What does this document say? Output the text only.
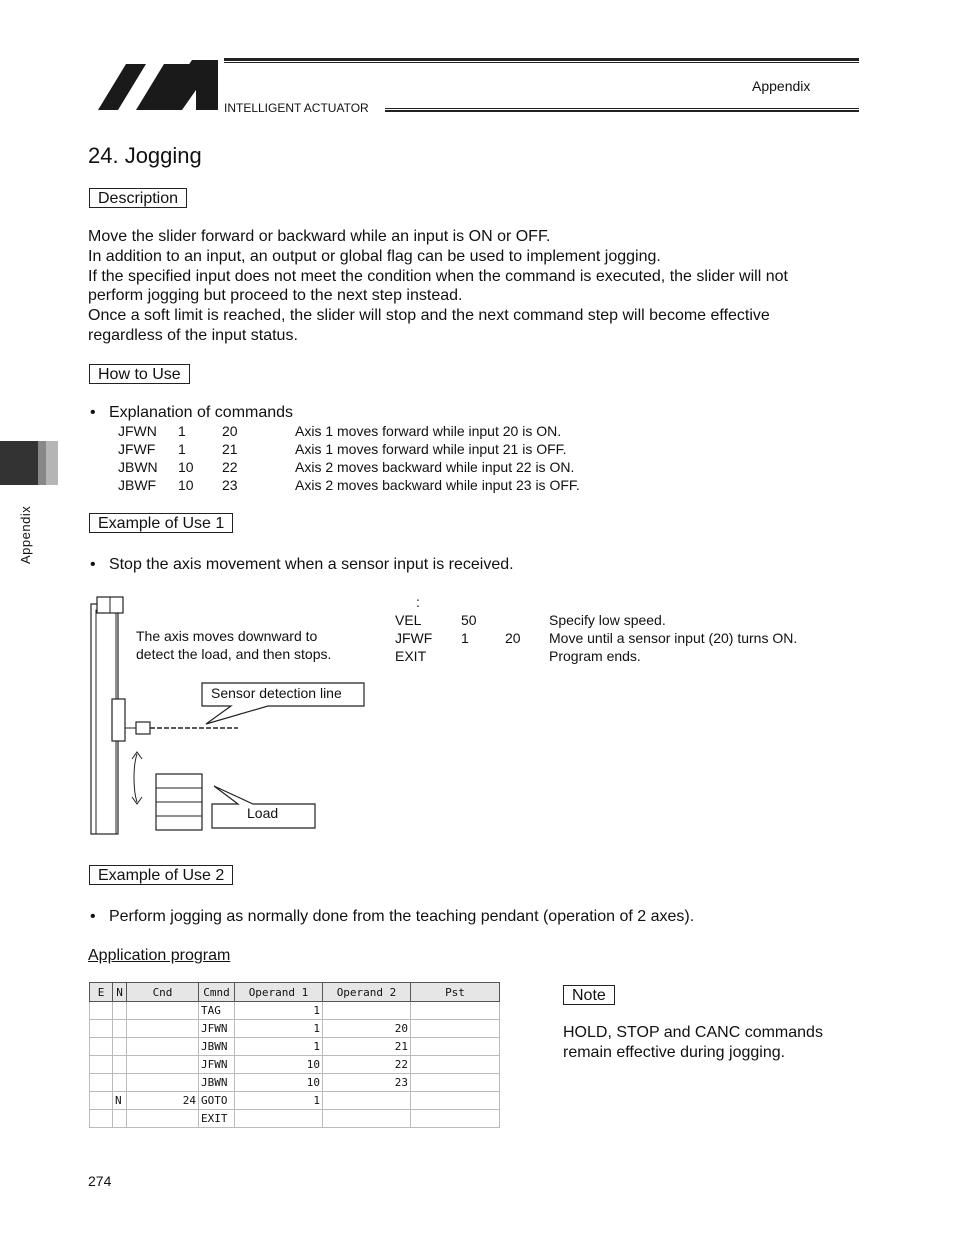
Appendix
INTELLIGENT ACTUATOR
Appendix
24. Jogging
Description
Move the slider forward or backward while an input is ON or OFF.
In addition to an input, an output or global flag can be used to implement jogging.
If the specified input does not meet the condition when the command is executed, the slider will not
perform jogging but proceed to the next step instead.
Once a soft limit is reached, the slider will stop and the next command step will become effective
regardless of the input status.
How to Use
•   Explanation of commands
JFWN 1	20	Axis 1 moves forward while input 20 is ON.
JFWF 1	21	Axis 1 moves forward while input 21 is OFF.
JBWN 10 22	Axis 2 moves backward while input 22 is ON.
JBWF 10 23	Axis 2 moves backward while input 23 is OFF.
Example of Use 1
•   Stop the axis movement when a sensor input is received.
The axis moves downward to
detect the load, and then stops.
Sensor detection line
Load
:
VEL	50	Specify low speed.
JFWF 1	20 Move until a sensor input (20) turns ON.
EXIT	Program ends.
Example of Use 2
•   Perform jogging as normally done from the teaching pendant (operation of 2 axes).
Application program
E	N	Cnd	Cmnd	Operand 1	Operand 2	Pst
			TAG	1		
			JFWN	1	20	
			JBWN	1	21	
			JFWN	10	22	
			JBWN	10	23	
	N	24	GOTO	1		
			EXIT			
Note
HOLD, STOP and CANC commands
remain effective during jogging.
274
